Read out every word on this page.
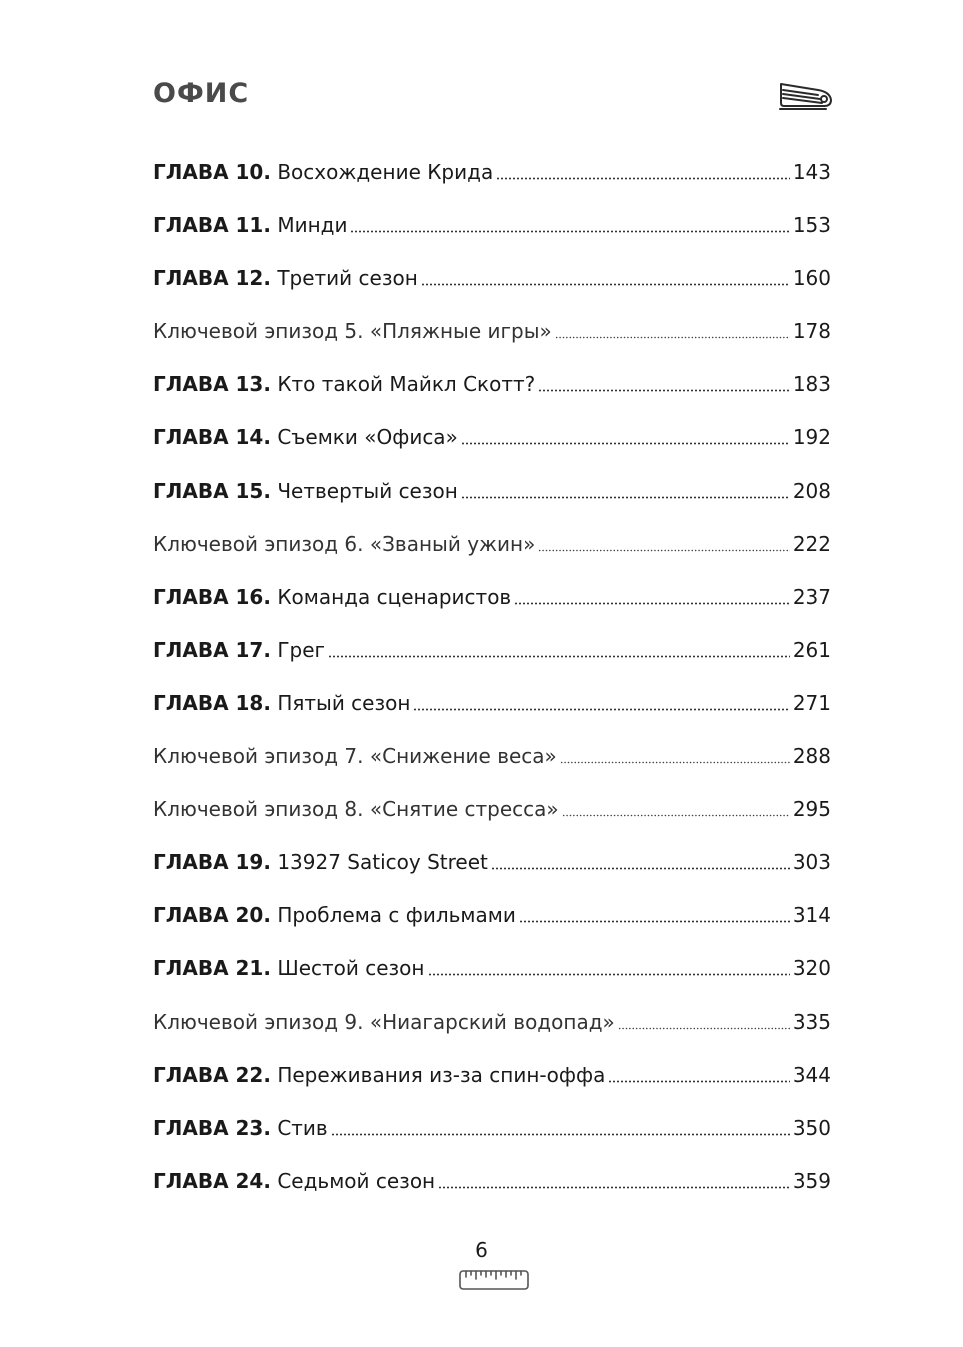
ОФИС
ГЛАВА 10. Восхождение Крида	143
ГЛАВА 11. Минди	153
ГЛАВА 12. Третий сезон	160
Ключевой эпизод 5. «Пляжные игры»	178
ГЛАВА 13. Кто такой Майкл Скотт?	183
ГЛАВА 14. Съемки «Офиса»	192
ГЛАВА 15. Четвертый сезон	208
Ключевой эпизод 6. «Званый ужин»	222
ГЛАВА 16. Команда сценаристов	237
ГЛАВА 17. Грег	261
ГЛАВА 18. Пятый сезон	271
Ключевой эпизод 7. «Снижение веса»	288
Ключевой эпизод 8. «Снятие стресса»	295
ГЛАВА 19. 13927 Saticoy Street	303
ГЛАВА 20. Проблема с фильмами	314
ГЛАВА 21. Шестой сезон	320
Ключевой эпизод 9. «Ниагарский водопад»	335
ГЛАВА 22. Переживания из-за спин-оффа	344
ГЛАВА 23. Стив	350
ГЛАВА 24. Седьмой сезон	359
6
